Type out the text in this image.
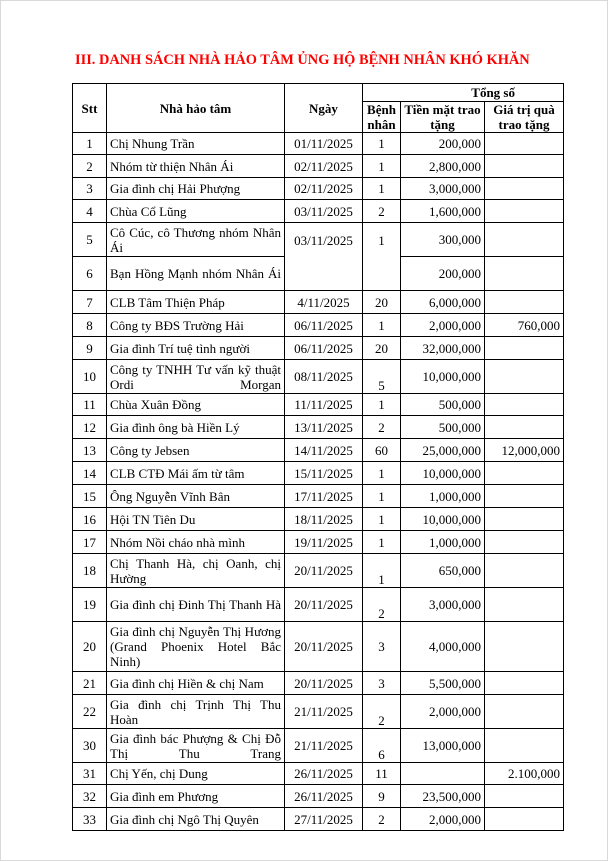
III. DANH SÁCH NHÀ HẢO TÂM ỦNG HỘ BỆNH NHÂN KHÓ KHĂN
Stt	Nhà hảo tâm	Ngày	Tổng số		
			Bệnh nhân	Tiền mặt trao tặng	Giá trị quà trao tặng
1	Chị Nhung Trần	01/11/2025	1	200,000	
2	Nhóm từ thiện Nhân Ái	02/11/2025	1	2,800,000	
3	Gia đình chị Hải Phượng	02/11/2025	1	3,000,000	
4	Chùa Cổ Lũng	03/11/2025	2	1,600,000	
5	Cô Cúc, cô Thương nhóm Nhân Ái	03/11/2025	1	300,000	
6	Bạn Hồng Mạnh nhóm Nhân Ái			200,000	
7	CLB Tâm Thiện Pháp	4/11/2025	20	6,000,000	
8	Công ty BĐS Trường Hải	06/11/2025	1	2,000,000	760,000
9	Gia đình Trí tuệ tình người	06/11/2025	20	32,000,000	
10	Công ty TNHH Tư vấn kỹ thuật Ordi Morgan	08/11/2025	5	10,000,000	
11	Chùa Xuân Đồng	11/11/2025	1	500,000	
12	Gia đình ông bà Hiền Lý	13/11/2025	2	500,000	
13	Công ty Jebsen	14/11/2025	60	25,000,000	12,000,000
14	CLB CTĐ Mái ấm từ tâm	15/11/2025	1	10,000,000	
15	Ông Nguyễn Vĩnh Bân	17/11/2025	1	1,000,000	
16	Hội TN Tiên Du	18/11/2025	1	10,000,000	
17	Nhóm Nồi cháo nhà mình	19/11/2025	1	1,000,000	
18	Chị Thanh Hà, chị Oanh, chị Hường	20/11/2025	1	650,000	
19	Gia đình chị Đinh Thị Thanh Hà	20/11/2025	2	3,000,000	
20	Gia đình chị Nguyễn Thị Hương (Grand Phoenix Hotel Bắc Ninh)	20/11/2025	3	4,000,000	
21	Gia đình chị Hiền & chị Nam	20/11/2025	3	5,500,000	
22	Gia đình chị Trịnh Thị Thu Hoàn	21/11/2025	2	2,000,000	
30	Gia đình bác Phượng & Chị Đỗ Thị Thu Trang	21/11/2025	6	13,000,000	
31	Chị Yến, chị Dung	26/11/2025	11		2.100,000
32	Gia đình em Phương	26/11/2025	9	23,500,000	
33	Gia đình chị Ngô Thị Quyên	27/11/2025	2	2,000,000	
